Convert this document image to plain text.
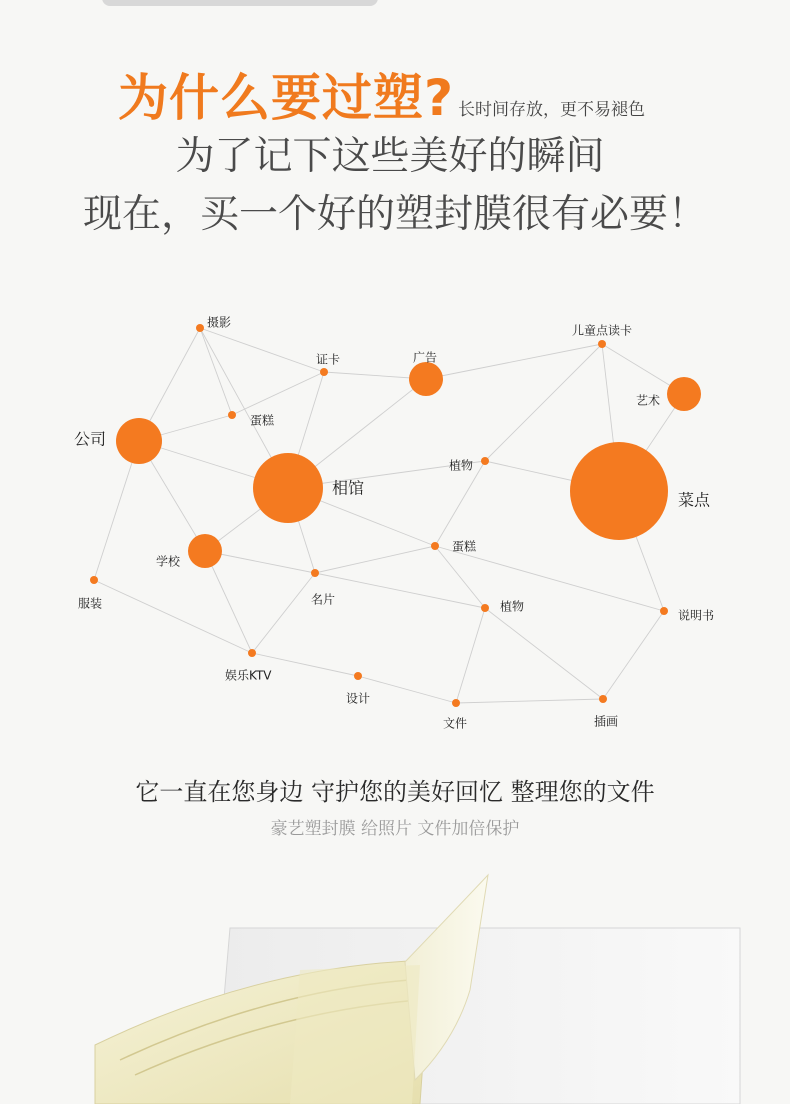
为什么要过塑? 长时间存放，更不易褪色
为了记下这些美好的瞬间
现在，买一个好的塑封膜很有必要！
摄影
证卡	广告
儿童点读卡
艺术
公司
蛋糕
相馆
植物
菜点
学校
蛋糕
名片
服装	植物
说明书
娱乐KTV
设计
文件	插画
它一直在您身边 守护您的美好回忆 整理您的文件
豪艺塑封膜 给照片 文件加倍保护
